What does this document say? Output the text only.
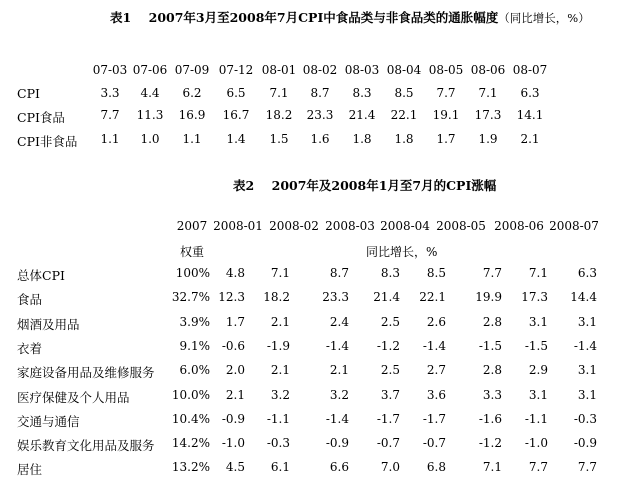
表1 2007年3月至2008年7月CPI中食品类与非食品类的通胀幅度（同比增长，%）
07-03 07-06 07-09 07-12 08-01 08-02 08-03 08-04 08-05 08-06 08-07
CPI	3.3	4.4	6.2	6.5	7.1	8.7	8.3	8.5	7.7	7.1	6.3
CPI食品	7.7	11.3	16.9	16.7	18.2	23.3	21.4	22.1	19.1	17.3	14.1
CPI非食品	1.1	1.0	1.1	1.4	1.5	1.6	1.8	1.8	1.7	1.9	2.1
表2 2007年及2008年1月至7月的CPI涨幅
2007 2008-01 2008-02 2008-03 2008-04 2008-05 2008-06 2008-07
总体CPI	100%	4.8	7.1	8.7	8.3	8.5	7.7	7.1	6.3
食品	32.7% 12.3	18.2	23.3	21.4	22.1	19.9	17.3	14.4
烟酒及用品	3.9%	1.7	2.1	2.4	2.5	2.6	2.8	3.1	3.1
衣着	9.1% -0.6	-1.9	-1.4	-1.2	-1.4	-1.5	-1.5	-1.4
家庭设备用品及维修服务	6.0%	2.0	2.1	2.1	2.5	2.7	2.8	2.9	3.1
医疗保健及个人用品	10.0%	2.1	3.2	3.2	3.7	3.6	3.3	3.1	3.1
交通与通信	10.4% -0.9	-1.1	-1.4	-1.7	-1.7	-1.6	-1.1	-0.3
娱乐教育文化用品及服务	14.2% -1.0	-0.3	-0.9	-0.7	-0.7	-1.2	-1.0	-0.9
居住	13.2%	4.5	6.1	6.6	7.0	6.8	7.1	7.7	7.7
权重	同比增长，%
